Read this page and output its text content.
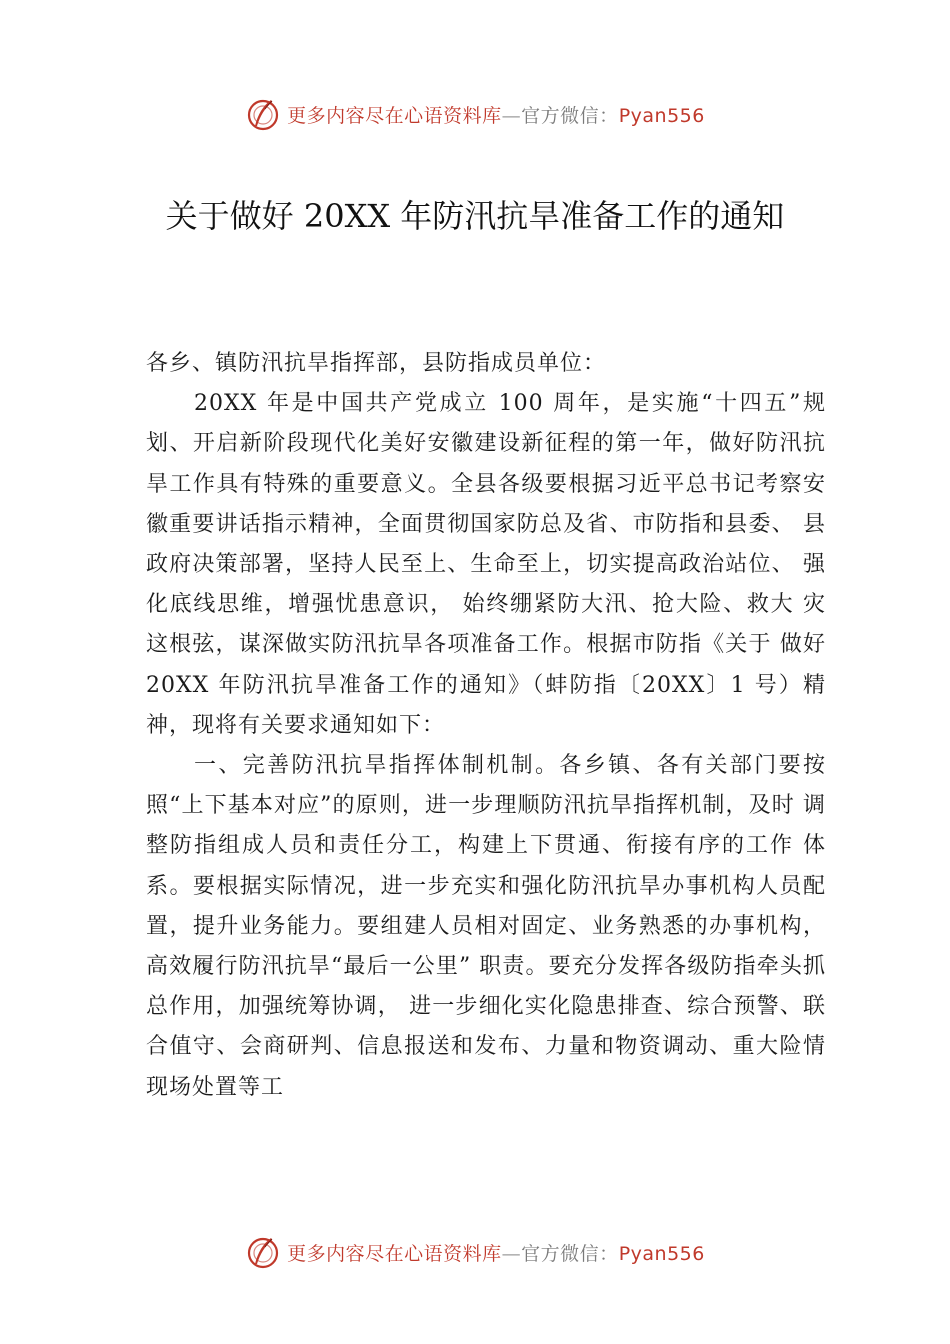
更多内容尽在心语资料库—官方微信：Pyan556
关于做好 20XX 年防汛抗旱准备工作的通知

各乡、镇防汛抗旱指挥部，县防指成员单位：

20XX 年是中国共产党成立 100 周年，是实施“十四五”规划、开启新阶段现代化美好安徽建设新征程的第一年，做好防汛抗旱工作具有特殊的重要意义。全县各级要根据习近平总书记考察安 徽重要讲话指示精神，全面贯彻国家防总及省、市防指和县委、 县政府决策部署，坚持人民至上、生命至上，切实提高政治站位、 强化底线思维，增强忧患意识， 始终绷紧防大汛、抢大险、救大 灾这根弦，谋深做实防汛抗旱各项准备工作。根据市防指《关于 做好 20XX 年防汛抗旱准备工作的通知》（蚌防指〔20XX〕1 号）精 神，现将有关要求通知如下：

一、完善防汛抗旱指挥体制机制。各乡镇、各有关部门要按照“上下基本对应”的原则，进一步理顺防汛抗旱指挥机制，及时 调整防指组成人员和责任分工，构建上下贯通、衔接有序的工作 体系。要根据实际情况，进一步充实和强化防汛抗旱办事机构人员配置，提升业务能力。要组建人员相对固定、业务熟悉的办事机构，高效履行防汛抗旱“最后一公里” 职责。要充分发挥各级防指牵头抓总作用，加强统筹协调， 进一步细化实化隐患排查、综合预警、联合值守、会商研判、信息报送和发布、力量和物资调动、重大险情现场处置等工

更多内容尽在心语资料库—官方微信：Pyan556
